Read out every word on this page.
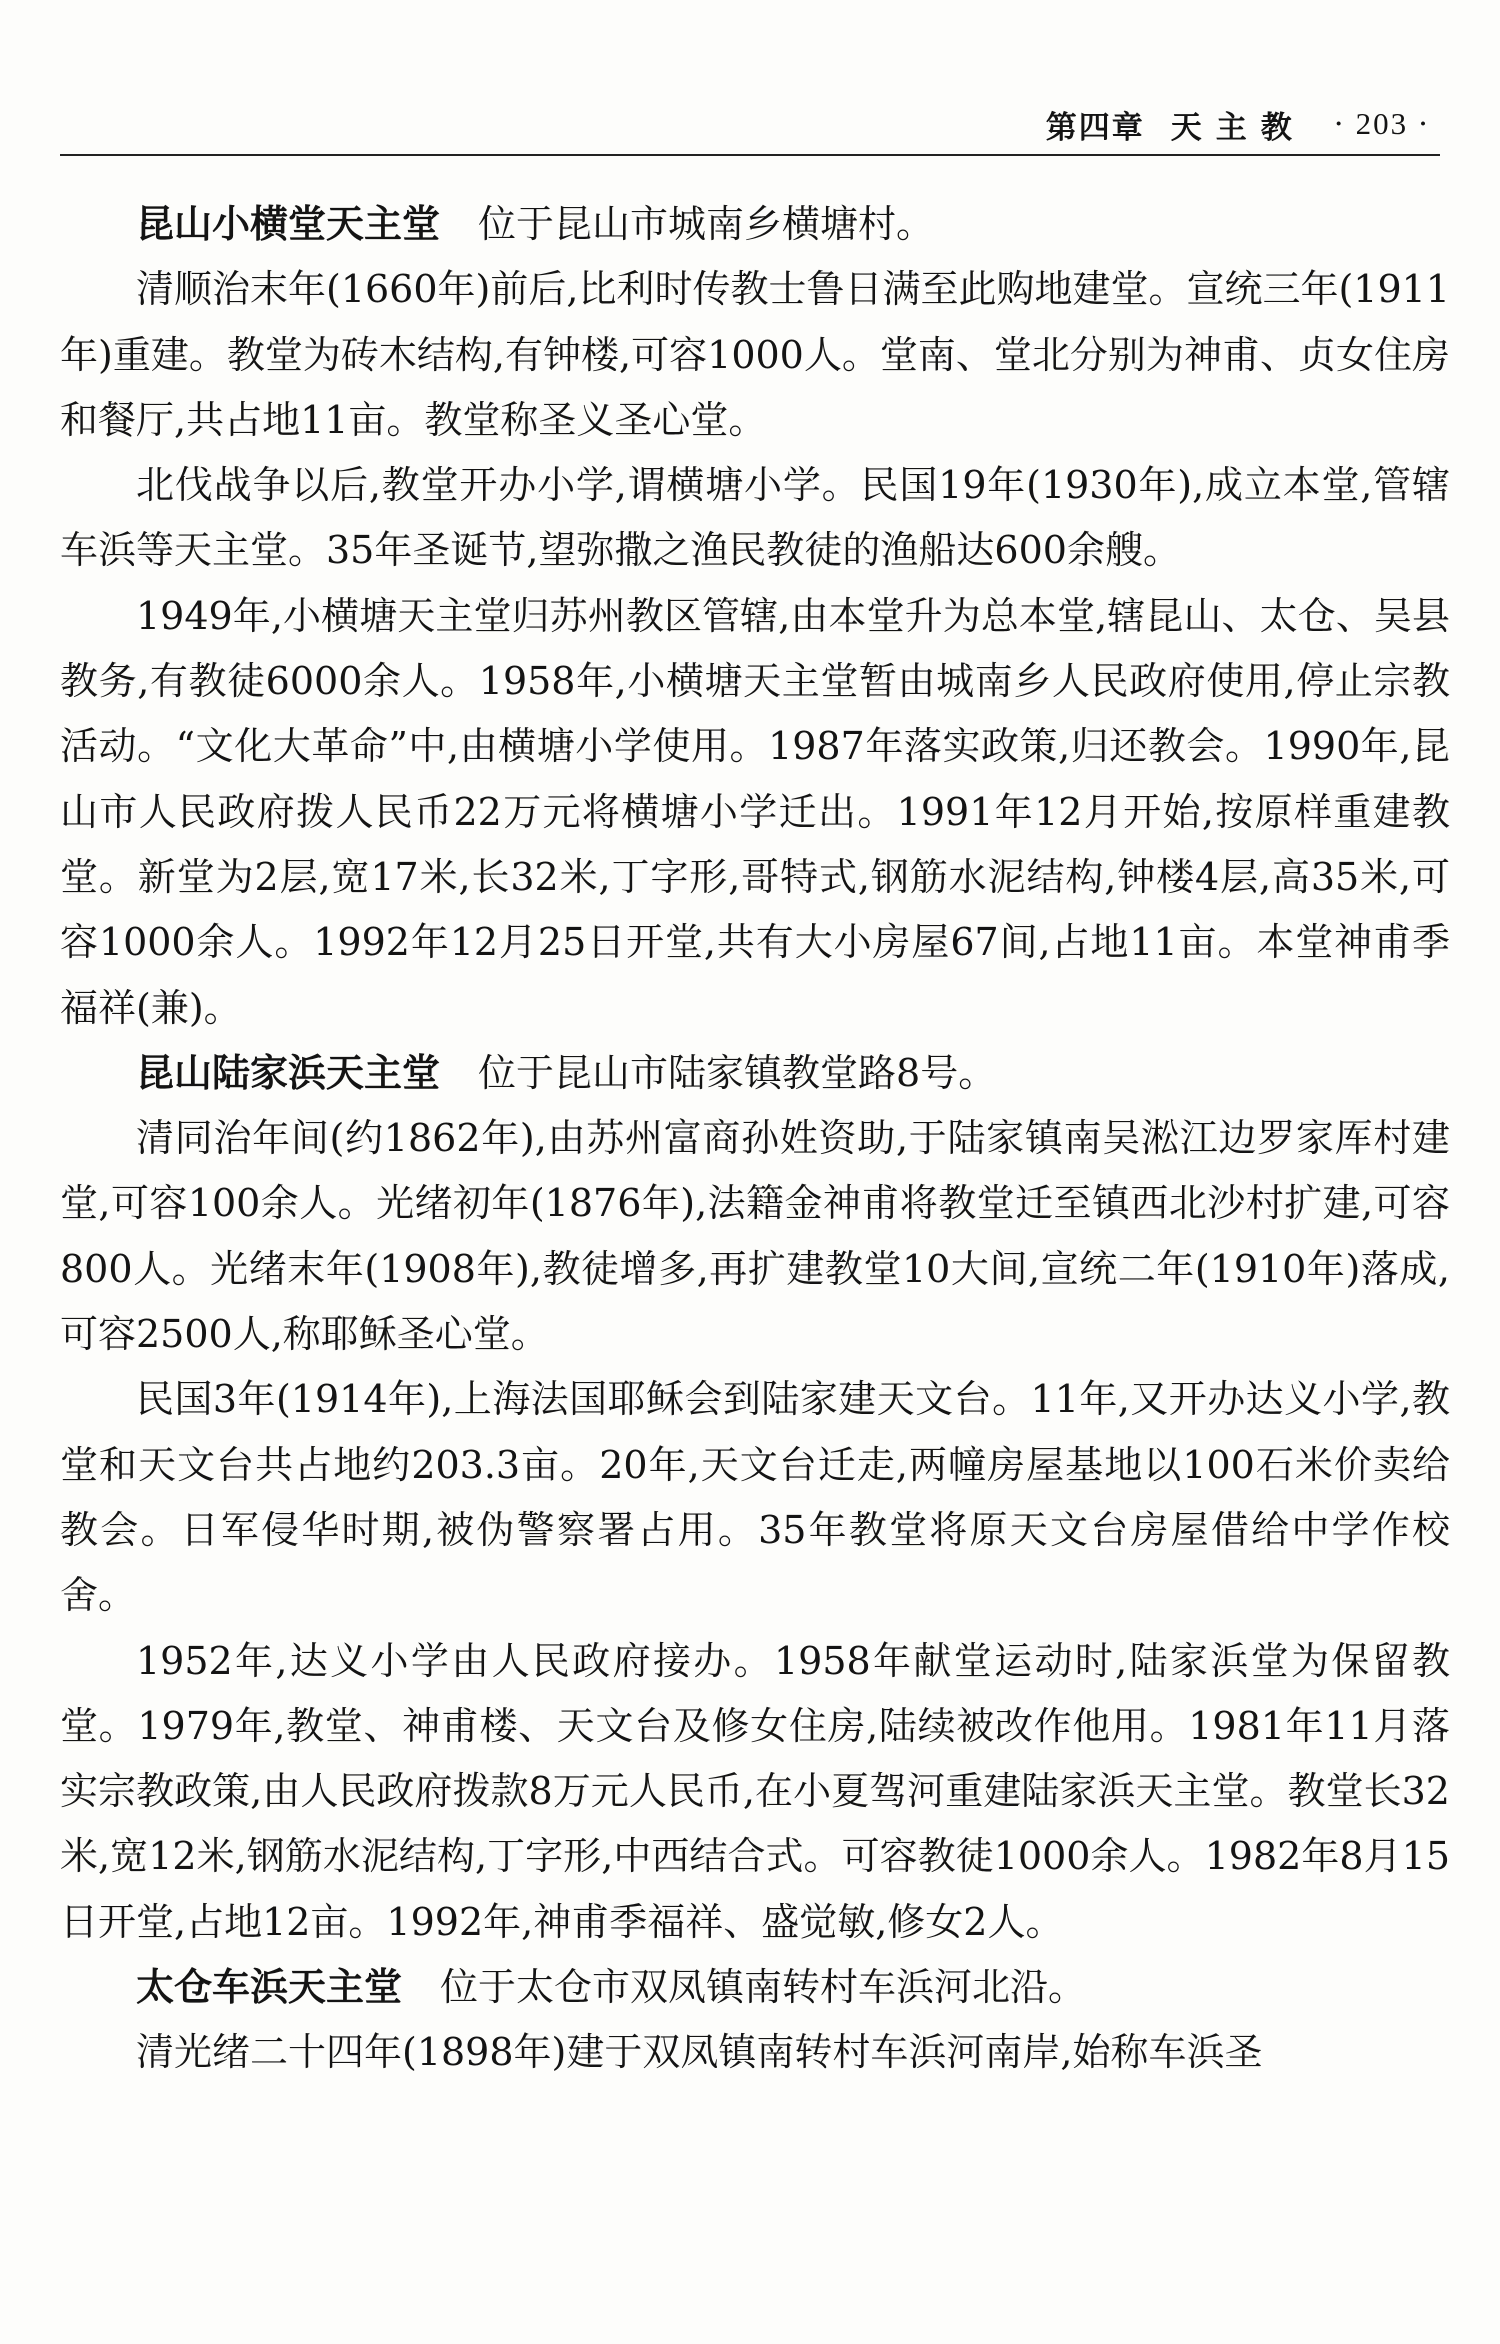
第四章 天主教 · 203 ·

昆山小横堂天主堂 位于昆山市城南乡横塘村。

清顺治末年(1660年)前后,比利时传教士鲁日满至此购地建堂。宣统三年(1911年)重建。教堂为砖木结构,有钟楼,可容1000人。堂南、堂北分别为神甫、贞女住房和餐厅,共占地11亩。教堂称圣义圣心堂。

北伐战争以后,教堂开办小学,谓横塘小学。民国19年(1930年),成立本堂,管辖车浜等天主堂。35年圣诞节,望弥撒之渔民教徒的渔船达600余艘。

1949年,小横塘天主堂归苏州教区管辖,由本堂升为总本堂,辖昆山、太仓、吴县教务,有教徒6000余人。1958年,小横塘天主堂暂由城南乡人民政府使用,停止宗教活动。“文化大革命”中,由横塘小学使用。1987年落实政策,归还教会。1990年,昆山市人民政府拨人民币22万元将横塘小学迁出。1991年12月开始,按原样重建教堂。新堂为2层,宽17米,长32米,丁字形,哥特式,钢筋水泥结构,钟楼4层,高35米,可容1000余人。1992年12月25日开堂,共有大小房屋67间,占地11亩。本堂神甫季福祥(兼)。

昆山陆家浜天主堂 位于昆山市陆家镇教堂路8号。

清同治年间(约1862年),由苏州富商孙姓资助,于陆家镇南吴淞江边罗家厍村建堂,可容100余人。光绪初年(1876年),法籍金神甫将教堂迁至镇西北沙村扩建,可容800人。光绪末年(1908年),教徒增多,再扩建教堂10大间,宣统二年(1910年)落成,可容2500人,称耶稣圣心堂。

民国3年(1914年),上海法国耶稣会到陆家建天文台。11年,又开办达义小学,教堂和天文台共占地约203.3亩。20年,天文台迁走,两幢房屋基地以100石米价卖给教会。日军侵华时期,被伪警察署占用。35年教堂将原天文台房屋借给中学作校舍。

1952年,达义小学由人民政府接办。1958年献堂运动时,陆家浜堂为保留教堂。1979年,教堂、神甫楼、天文台及修女住房,陆续被改作他用。1981年11月落实宗教政策,由人民政府拨款8万元人民币,在小夏驾河重建陆家浜天主堂。教堂长32米,宽12米,钢筋水泥结构,丁字形,中西结合式。可容教徒1000余人。1982年8月15日开堂,占地12亩。1992年,神甫季福祥、盛觉敏,修女2人。

太仓车浜天主堂 位于太仓市双凤镇南转村车浜河北沿。

清光绪二十四年(1898年)建于双凤镇南转村车浜河南岸,始称车浜圣
